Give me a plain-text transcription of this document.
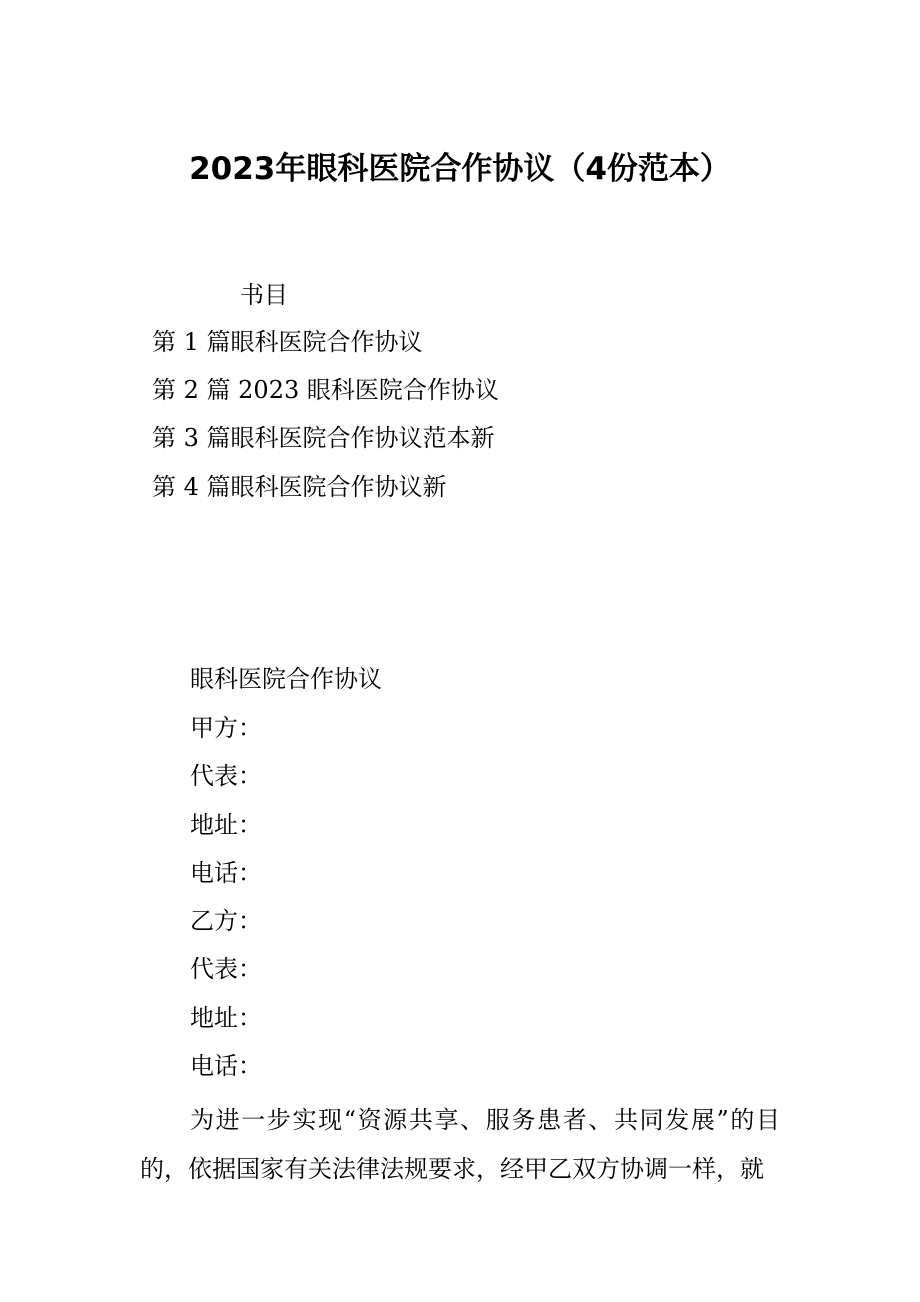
2023年眼科医院合作协议（4份范本）
书目
第 1 篇眼科医院合作协议
第 2 篇 2023 眼科医院合作协议
第 3 篇眼科医院合作协议范本新
第 4 篇眼科医院合作协议新
眼科医院合作协议
甲方：
代表：
地址：
电话：
乙方：
代表：
地址：
电话：
为进一步实现“资源共享、服务患者、共同发展”的目的，依据国家有关法律法规要求，经甲乙双方协调一样，就
